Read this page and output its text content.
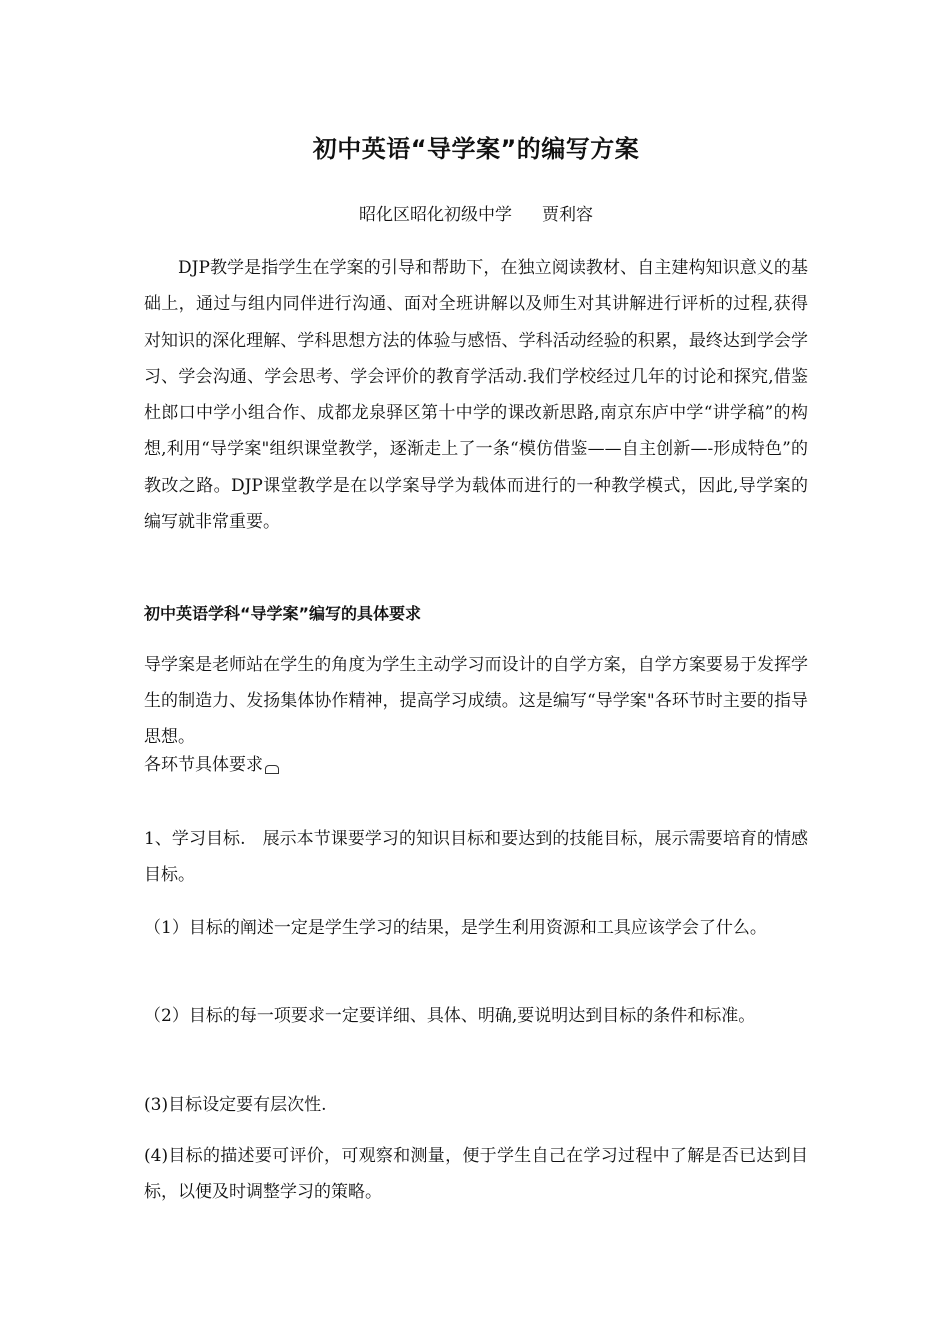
初中英语“导学案”的编写方案
昭化区昭化初级中学 贾利容

DJP教学是指学生在学案的引导和帮助下，在独立阅读教材、自主建构知识意义的基础上，通过与组内同伴进行沟通、面对全班讲解以及师生对其讲解进行评析的过程,获得对知识的深化理解、学科思想方法的体验与感悟、学科活动经验的积累，最终达到学会学习、学会沟通、学会思考、学会评价的教育学活动.我们学校经过几年的讨论和探究,借鉴杜郎口中学小组合作、成都龙泉驿区第十中学的课改新思路,南京东庐中学“讲学稿”的构想,利用“导学案"组织课堂教学，逐渐走上了一条“模仿借鉴——自主创新—-形成特色”的教改之路。DJP课堂教学是在以学案导学为载体而进行的一种教学模式，因此,导学案的编写就非常重要。

初中英语学科“导学案”编写的具体要求

导学案是老师站在学生的角度为学生主动学习而设计的自学方案，自学方案要易于发挥学生的制造力、发扬集体协作精神，提高学习成绩。这是编写“导学案"各环节时主要的指导思想。

各环节具体要求

1、学习目标.　展示本节课要学习的知识目标和要达到的技能目标，展示需要培育的情感目标。

（1）目标的阐述一定是学生学习的结果，是学生利用资源和工具应该学会了什么。

（2）目标的每一项要求一定要详细、具体、明确,要说明达到目标的条件和标准。

(3)目标设定要有层次性.

(4)目标的描述要可评价，可观察和测量，便于学生自己在学习过程中了解是否已达到目标，以便及时调整学习的策略。
